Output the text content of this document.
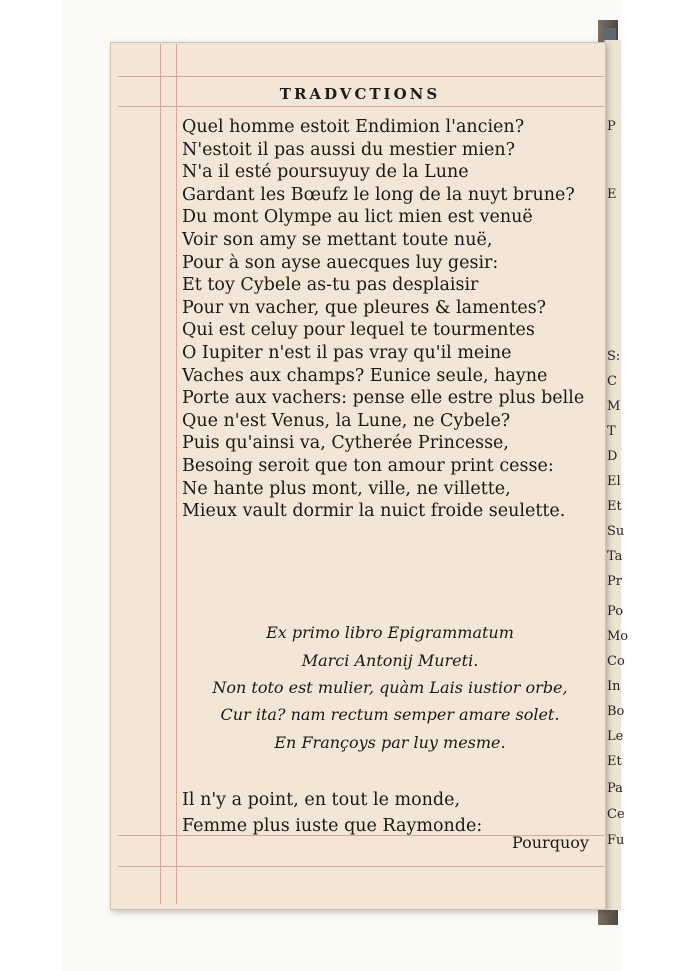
P
E
S:
C
M
T
D
El
Et
Su
Ta
Pr
Po
Mo
Co
In
Bo
Le
Et
Pa
Ce
Fu
TRADVCTIONS
Quel homme estoit Endimion l'ancien?
N'estoit il pas aussi du mestier mien?
N'a il esté poursuyuy de la Lune
Gardant les Bœufz le long de la nuyt brune?
Du mont Olympe au lict mien est venuë
Voir son amy se mettant toute nuë,
Pour à son ayse auecques luy gesir:
Et toy Cybele as-tu pas desplaisir
Pour vn vacher, que pleures & lamentes?
Qui est celuy pour lequel te tourmentes
O Iupiter n'est il pas vray qu'il meine
Vaches aux champs? Eunice seule, hayne
Porte aux vachers: pense elle estre plus belle
Que n'est Venus, la Lune, ne Cybele?
Puis qu'ainsi va, Cytherée Princesse,
Besoing seroit que ton amour print cesse:
Ne hante plus mont, ville, ne villette,
Mieux vault dormir la nuict froide seulette.
Ex primo libro Epigrammatum
Marci Antonij Mureti.
Non toto est mulier, quàm Lais iustior orbe,
Cur ita? nam rectum semper amare solet.
En Françoys par luy mesme.
Il n'y a point, en tout le monde,
Femme plus iuste que Raymonde:
Pourquoy
